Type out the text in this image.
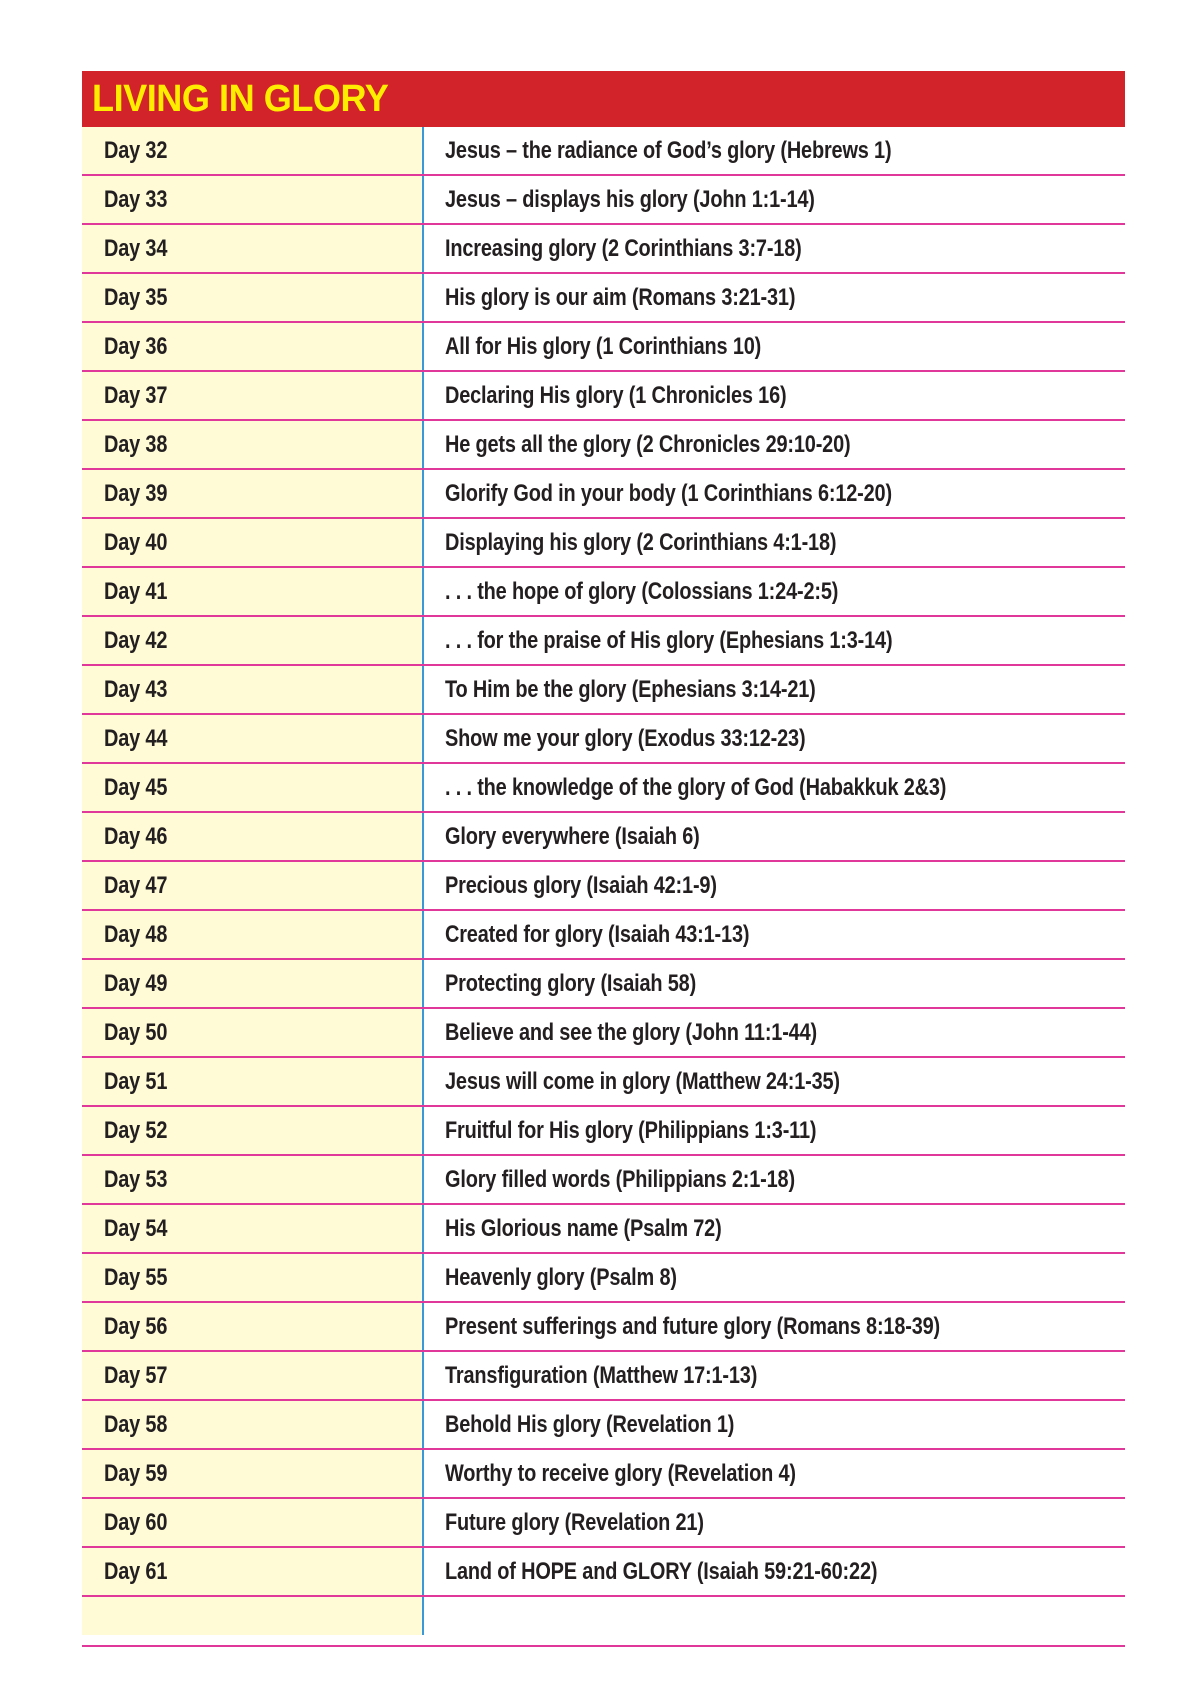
LIVING IN GLORY
Day 32	Jesus – the radiance of God’s glory (Hebrews 1)
Day 33	Jesus – displays his glory (John 1:1-14)
Day 34	Increasing glory (2 Corinthians 3:7-18)
Day 35	His glory is our aim (Romans 3:21-31)
Day 36	All for His glory (1 Corinthians 10)
Day 37	Declaring His glory (1 Chronicles 16)
Day 38	He gets all the glory (2 Chronicles 29:10-20)
Day 39	Glorify God in your body (1 Corinthians 6:12-20)
Day 40	Displaying his glory (2 Corinthians 4:1-18)
Day 41	. . . the hope of glory (Colossians 1:24-2:5)
Day 42	. . . for the praise of His glory (Ephesians 1:3-14)
Day 43	To Him be the glory (Ephesians 3:14-21)
Day 44	Show me your glory (Exodus 33:12-23)
Day 45	. . . the knowledge of the glory of God (Habakkuk 2&3)
Day 46	Glory everywhere (Isaiah 6)
Day 47	Precious glory (Isaiah 42:1-9)
Day 48	Created for glory (Isaiah 43:1-13)
Day 49	Protecting glory (Isaiah 58)
Day 50	Believe and see the glory (John 11:1-44)
Day 51	Jesus will come in glory (Matthew 24:1-35)
Day 52	Fruitful for His glory (Philippians 1:3-11)
Day 53	Glory filled words (Philippians 2:1-18)
Day 54	His Glorious name (Psalm 72)
Day 55	Heavenly glory (Psalm 8)
Day 56	Present sufferings and future glory (Romans 8:18-39)
Day 57	Transfiguration (Matthew 17:1-13)
Day 58	Behold His glory (Revelation 1)
Day 59	Worthy to receive glory (Revelation 4)
Day 60	Future glory (Revelation 21)
Day 61	Land of HOPE and GLORY (Isaiah 59:21-60:22)
